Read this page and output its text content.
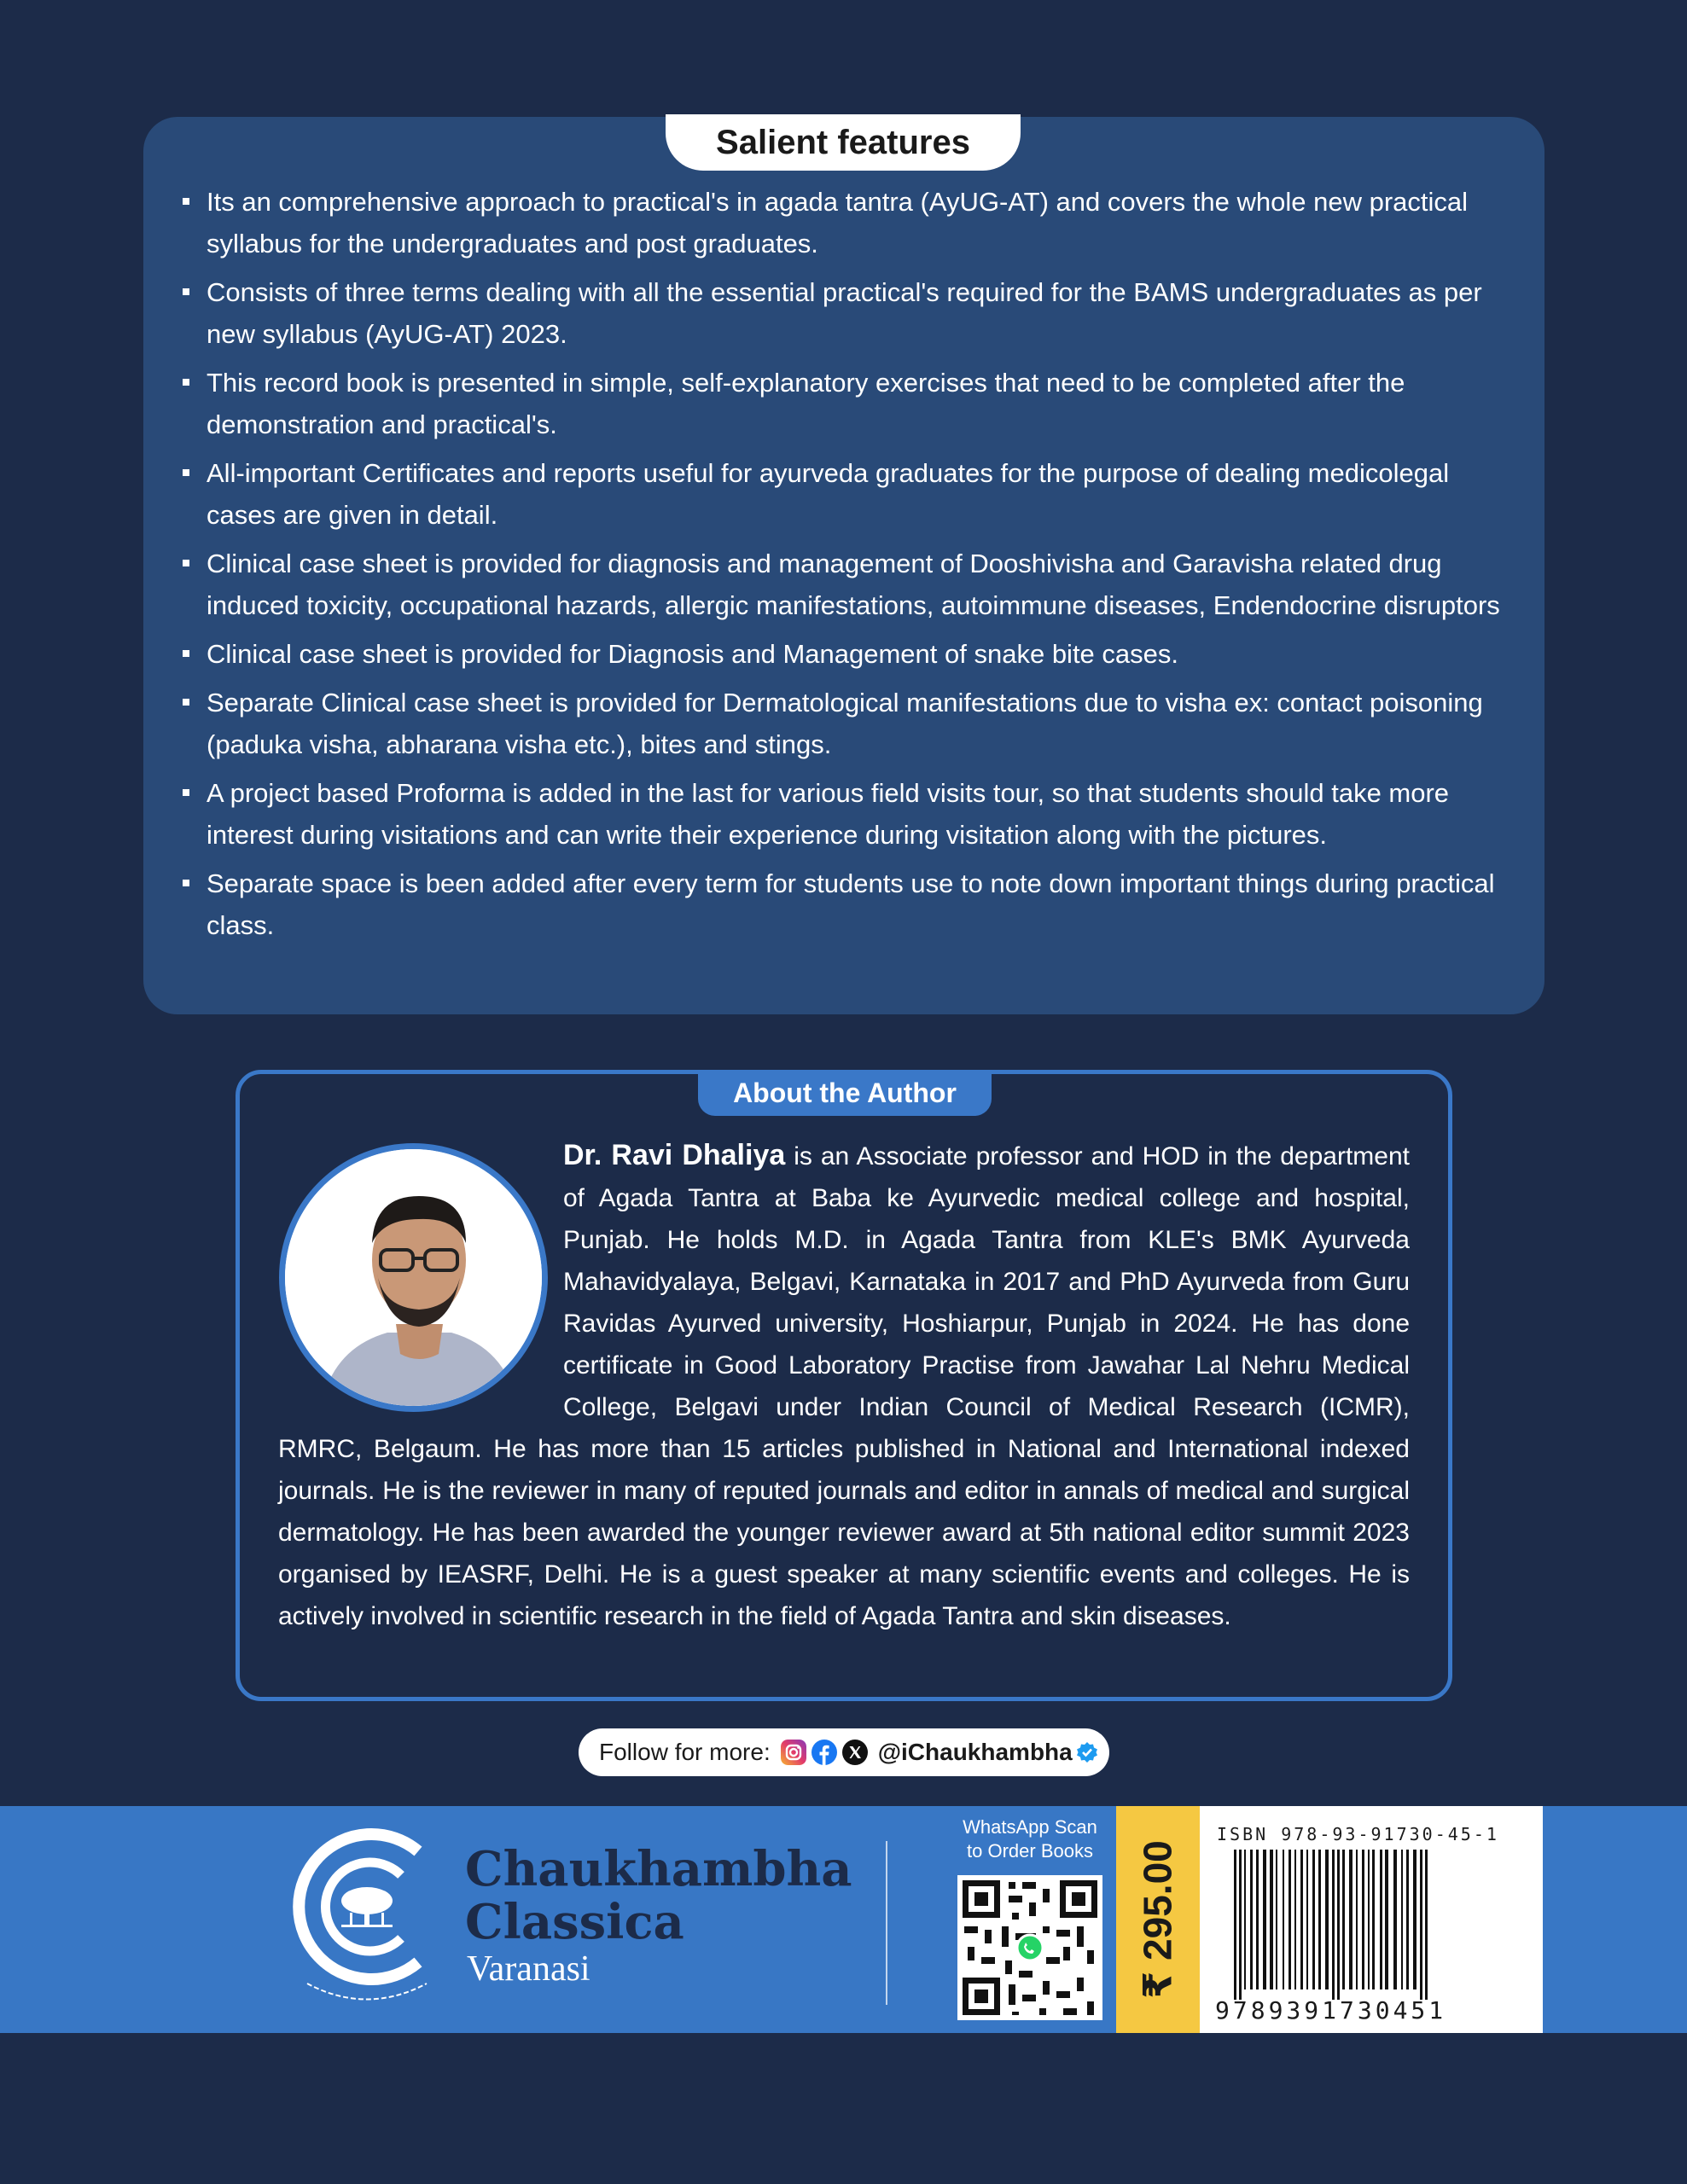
Salient features
Its an comprehensive approach to practical's in agada tantra (AyUG-AT) and covers the whole new practical syllabus for the undergraduates and post graduates.
Consists of three terms dealing with all the essential practical's required for the BAMS undergraduates as per new syllabus (AyUG-AT) 2023.
This record book is presented in simple, self-explanatory exercises that need to be completed after the demonstration and practical's.
All-important Certificates and reports useful for ayurveda graduates for the purpose of dealing medicolegal cases are given in detail.
Clinical case sheet is provided for diagnosis and management of Dooshivisha and Garavisha related drug induced toxicity, occupational hazards, allergic manifestations, autoimmune diseases, Endendocrine disruptors
Clinical case sheet is provided for Diagnosis and Management of snake bite cases.
Separate Clinical case sheet is provided for Dermatological manifestations due to visha ex: contact poisoning (paduka visha, abharana visha etc.), bites and stings.
A project based Proforma is added in the last for various field visits tour, so that students should take more interest during visitations and can write their experience during visitation along with the pictures.
Separate space is been added after every term for students use to note down important things during practical class.
About the Author
Dr. Ravi Dhaliya is an Associate professor and HOD in the department of Agada Tantra at Baba ke Ayurvedic medical college and hospital, Punjab. He holds M.D. in Agada Tantra from KLE's BMK Ayurveda Mahavidyalaya, Belgavi, Karnataka in 2017 and PhD Ayurveda from Guru Ravidas Ayurved university, Hoshiarpur, Punjab in 2024. He has done certificate in Good Laboratory Practise from Jawahar Lal Nehru Medical College, Belgavi under Indian Council of Medical Research (ICMR), RMRC, Belgaum. He has more than 15 articles published in National and International indexed journals. He is the reviewer in many of reputed journals and editor in annals of medical and surgical dermatology. He has been awarded the younger reviewer award at 5th national editor summit 2023 organised by IEASRF, Delhi. He is a guest speaker at many scientific events and colleges. He is actively involved in scientific research in the field of Agada Tantra and skin diseases.
Follow for more:	@iChaukhambha
Chaukhambha
Classica
Varanasi
WhatsApp Scan
to Order Books	₹ 295.00
ISBN 978-93-91730-45-1
9789391730451
